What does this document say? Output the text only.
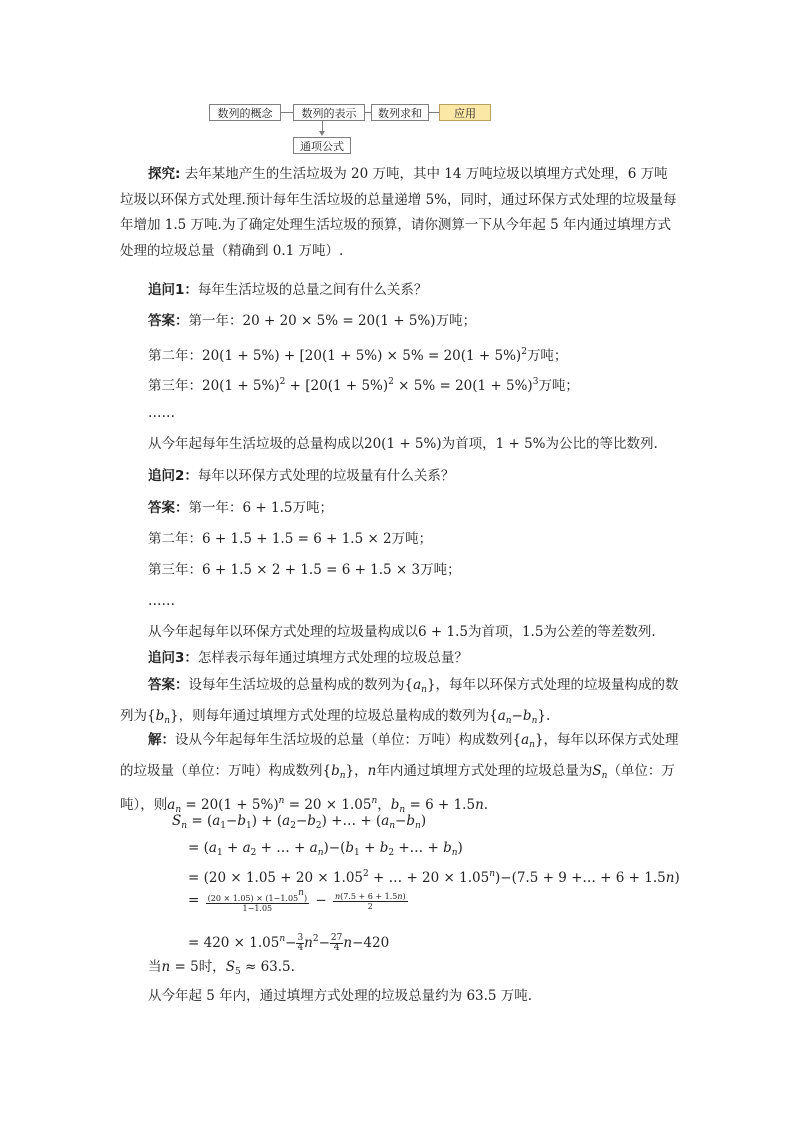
数列的概念	数列的表示	数列求和	应用
通项公式

探究: 去年某地产生的生活垃圾为 20 万吨，其中 14 万吨垃圾以填埋方式处理，6 万吨垃圾以环保方式处理.预计每年生活垃圾的总量递增 5%，同时，通过环保方式处理的垃圾量每年增加 1.5 万吨.为了确定处理生活垃圾的预算，请你测算一下从今年起 5 年内通过填埋方式处理的垃圾总量（精确到 0.1 万吨）.

追问1：每年生活垃圾的总量之间有什么关系？
答案：第一年：20 + 20 × 5% = 20(1 + 5%)万吨；
第二年：$20(1 + 5\%) + [20(1 + 5\%) \times 5\% = 20(1 + 5\%)^2$万吨；
第三年：$20(1 + 5\%)^2 + [20(1 + 5\%)^2 \times 5\% = 20(1 + 5\%)^3$万吨；
……
从今年起每年生活垃圾的总量构成以20(1 + 5%)为首项，1 + 5%为公比的等比数列.
追问2：每年以环保方式处理的垃圾量有什么关系？
答案：第一年：6 + 1.5万吨；
第二年：6 + 1.5 + 1.5 = 6 + 1.5 × 2万吨；
第三年：6 + 1.5 × 2 + 1.5 = 6 + 1.5 × 3万吨；
……
从今年起每年以环保方式处理的垃圾量构成以6 + 1.5为首项，1.5为公差的等差数列.
追问3：怎样表示每年通过填埋方式处理的垃圾总量？

答案：设每年生活垃圾的总量构成的数列为$\{a_n\}$，每年以环保方式处理的垃圾量构成的数列为$\{b_n\}$，则每年通过填埋方式处理的垃圾总量构成的数列为$\{a_n-b_n\}$.

解：设从今年起每年生活垃圾的总量（单位：万吨）构成数列$\{a_n\}$，每年以环保方式处理的垃圾量（单位：万吨）构成数列$\{b_n\}$，n年内通过填埋方式处理的垃圾总量为$S_n$（单位：万吨），则$a_n = 20(1 + 5\%)^n = 20 \times 1.05^n$，$b_n = 6 + 1.5n$.

$S_n = (a_1-b_1) + (a_2-b_2)$ +… + $(a_n-b_n)$
= ($a_1 + a_2$ + … + $a_n)-(b_1 + b_2$ +… + $b_n$)
= ($20 \times 1.05 + 20 \times 1.05^2$ + … + $20 \times 1.05^n)-(7.5 + 9$ +… + 6 + 1.5n)
= $\frac{(20 \times 1.05) \times (1-1.05^n)}{1-1.05} - \frac{n(7.5 + 6 + 1.5n)}{2}$
= $420 \times 1.05^n- \frac{3}{4} n^2- \frac{27}{4} n-420$
当n = 5时，$S_5 \approx 63.5$.
从今年起 5 年内，通过填埋方式处理的垃圾总量约为 63.5 万吨.
